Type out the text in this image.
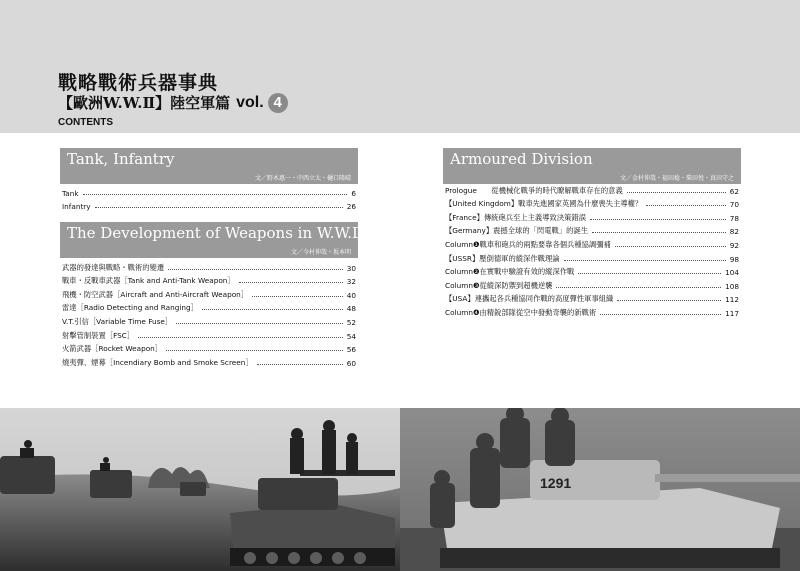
戰略戰術兵器事典
【歐洲W.W.Ⅱ】陸空軍篇 vol. 4
CONTENTS
Tank, Infantry
文／野木惠一・中西立太・樋口隆晴
Tank	6
Infantry	26
The Development of Weapons in W.W.Ⅱ
文／今村伸哉・坂本明
武器的發達與戰略・戰術的變遷	30
戰車・反戰車武器［Tank and Anti-Tank Weapon］	32
飛機・防空武器［Aircraft and Anti-Aircraft Weapon］	40
雷達［Radio Detecting and Ranging］	48
V.T.引信［Variable Time Fuse］	52
射擊管制裝置［FSC］	54
火箭武器［Rocket Weapon］	56
燒夷彈、煙幕［Incendiary Bomb and Smoke Screen］	60
Armoured Division
文／金村伸哉・福田稔・柴田悦・真田守之
Prologue　　從機械化戰爭的時代瞭解戰車存在的意義	62
【United Kingdom】戰車先進國家英國為什麼喪失主導權？	70
【France】傳統砲兵至上主義導致決策錯誤	78
【Germany】震撼全球的「閃電戰」的誕生	82
Column❶戰車和砲兵的兩點要靠各個兵種協調彌補	92
【USSR】壓倒德軍的縱深作戰理論	98
Column❷在實戰中驗證有效的縱深作戰	104
Column❸從縱深防禦到超機逆襲	108
【USA】連攜起各兵種協同作戰的高度彈性軍事組織	112
Column❹由精銳部隊從空中發動奇襲的新戰術	117
1291
